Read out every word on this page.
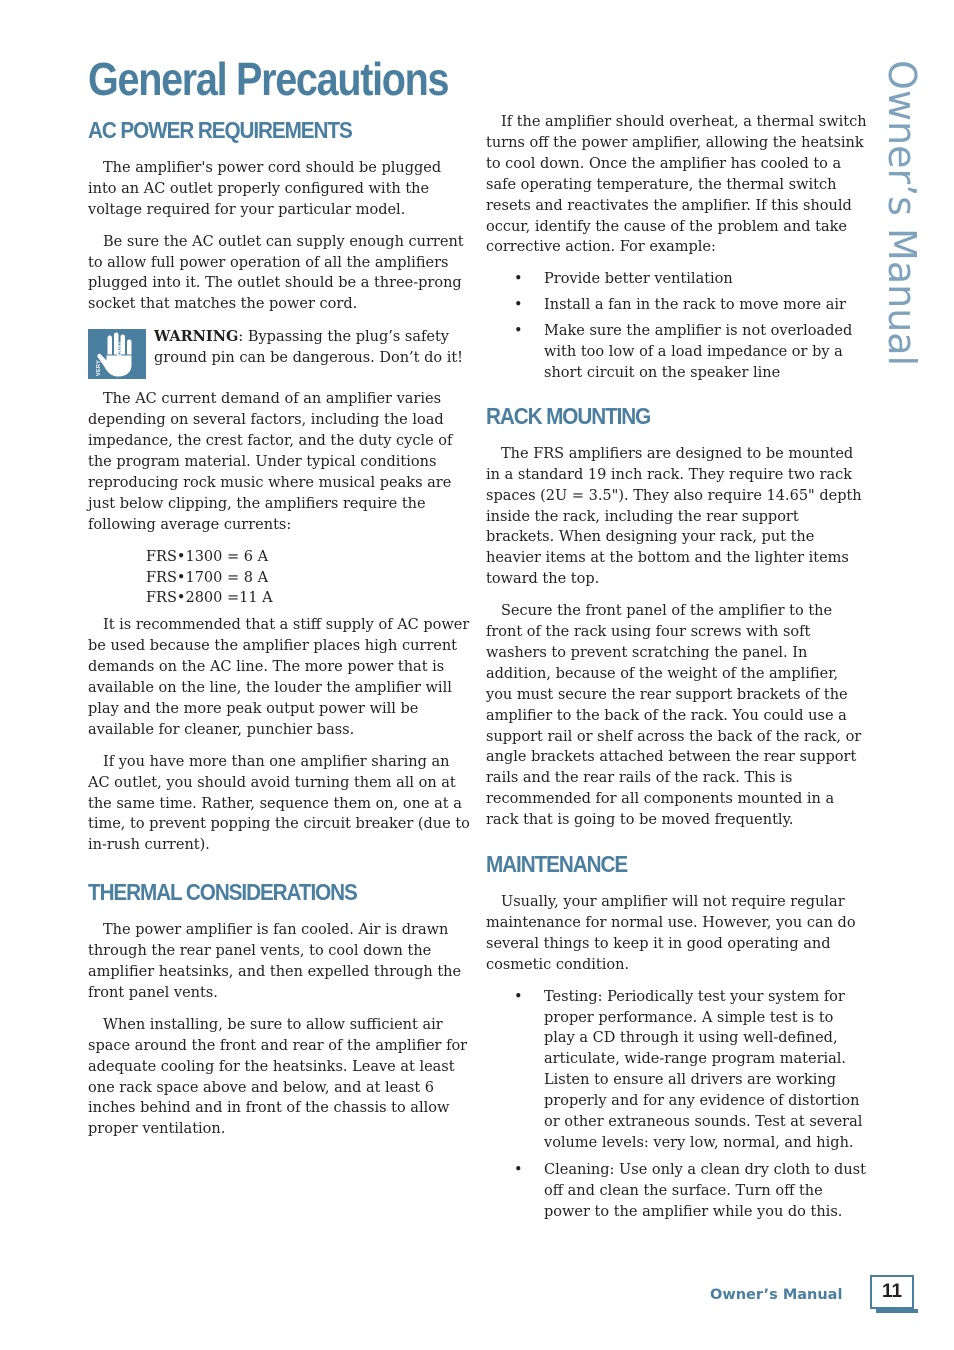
General Precautions	Owner’s Manual
AC POWER REQUIREMENTS

The amplifier's power cord should be plugged into an AC outlet properly configured with the voltage required for your particular model.

Be sure the AC outlet can supply enough current to allow full power operation of all the amplifiers plugged into it. The outlet should be a three-prong socket that matches the power cord.

VERY IMPORTANT
WARNING: Bypassing the plug’s safety ground pin can be dangerous. Don’t do it!

The AC current demand of an amplifier varies depending on several factors, including the load impedance, the crest factor, and the duty cycle of the program material. Under typical conditions reproducing rock music where musical peaks are just below clipping, the amplifiers require the following average currents:

FRS•1300 = 6 A
FRS•1700 = 8 A
FRS•2800 =11 A

It is recommended that a stiff supply of AC power be used because the amplifier places high current demands on the AC line. The more power that is available on the line, the louder the amplifier will play and the more peak output power will be available for cleaner, punchier bass.

If you have more than one amplifier sharing an AC outlet, you should avoid turning them all on at the same time. Rather, sequence them on, one at a time, to prevent popping the circuit breaker (due to in-rush current).

THERMAL CONSIDERATIONS

The power amplifier is fan cooled. Air is drawn through the rear panel vents, to cool down the amplifier heatsinks, and then expelled through the front panel vents.

When installing, be sure to allow sufficient air space around the front and rear of the amplifier for adequate cooling for the heatsinks. Leave at least one rack space above and below, and at least 6 inches behind and in front of the chassis to allow proper ventilation.

If the amplifier should overheat, a thermal switch turns off the power amplifier, allowing the heatsink to cool down. Once the amplifier has cooled to a safe operating temperature, the thermal switch resets and reactivates the amplifier. If this should occur, identify the cause of the problem and take corrective action. For example:

• Provide better ventilation
• Install a fan in the rack to move more air
• Make sure the amplifier is not overloaded with too low of a load impedance or by a short circuit on the speaker line
RACK MOUNTING

The FRS amplifiers are designed to be mounted in a standard 19 inch rack. They require two rack spaces (2U = 3.5"). They also require 14.65" depth inside the rack, including the rear support brackets. When designing your rack, put the heavier items at the bottom and the lighter items toward the top.

Secure the front panel of the amplifier to the front of the rack using four screws with soft washers to prevent scratching the panel. In addition, because of the weight of the amplifier, you must secure the rear support brackets of the amplifier to the back of the rack. You could use a support rail or shelf across the back of the rack, or angle brackets attached between the rear support rails and the rear rails of the rack. This is recommended for all components mounted in a rack that is going to be moved frequently.

MAINTENANCE

Usually, your amplifier will not require regular maintenance for normal use. However, you can do several things to keep it in good operating and cosmetic condition.

• Testing: Periodically test your system for proper performance. A simple test is to play a CD through it using well-defined, articulate, wide-range program material. Listen to ensure all drivers are working properly and for any evidence of distortion or other extraneous sounds. Test at several volume levels: very low, normal, and high.
• Cleaning: Use only a clean dry cloth to dust off and clean the surface. Turn off the power to the amplifier while you do this.
Owner’s Manual	11
